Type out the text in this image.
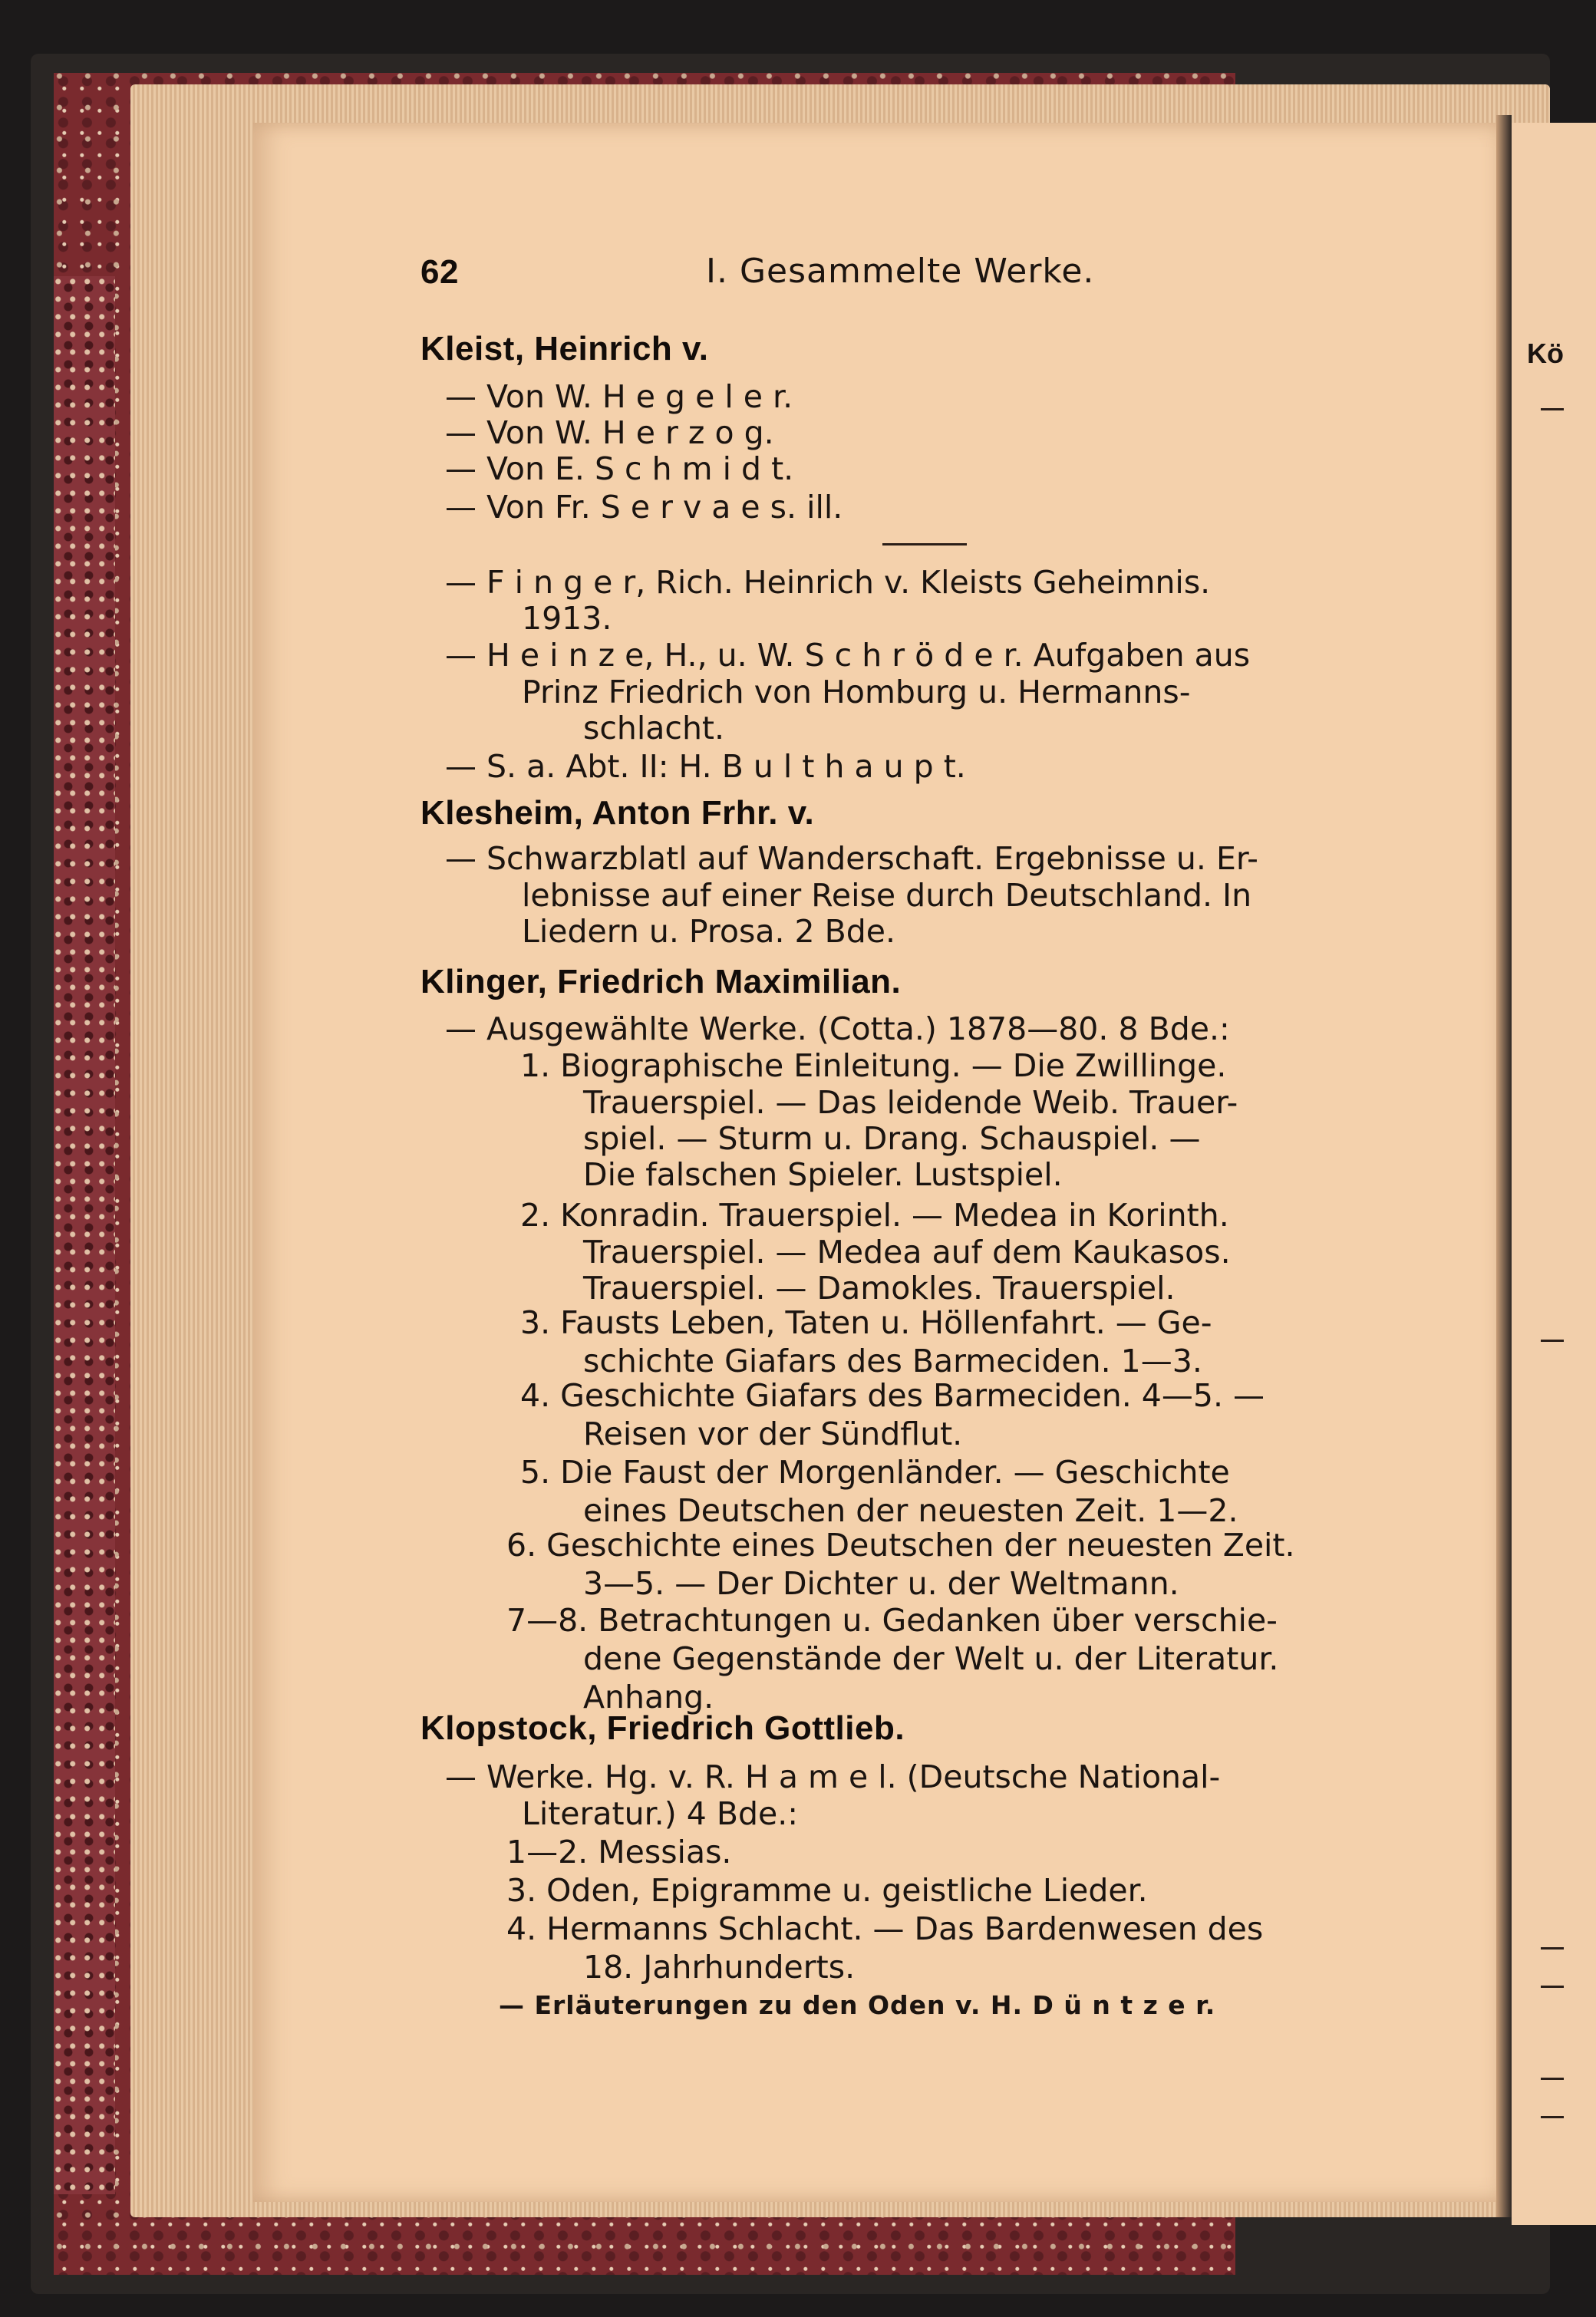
Kö
62	I. Gesammelte Werke.
Kleist, Heinrich v.
— Von W. H e g e l e r.
— Von W. H e r z o g.
— Von E. S c h m i d t.
— Von Fr. S e r v a e s. ill.
— F i n g e r, Rich. Heinrich v. Kleists Geheimnis.
1913.
— H e i n z e, H., u. W. S c h r ö d e r. Aufgaben aus
Prinz Friedrich von Homburg u. Hermanns-
schlacht.
— S. a. Abt. II: H. B u l t h a u p t.
Klesheim, Anton Frhr. v.
— Schwarzblatl auf Wanderschaft. Ergebnisse u. Er-
lebnisse auf einer Reise durch Deutschland. In
Liedern u. Prosa. 2 Bde.
Klinger, Friedrich Maximilian.
— Ausgewählte Werke. (Cotta.) 1878—80. 8 Bde.:
1. Biographische Einleitung. — Die Zwillinge.
Trauerspiel. — Das leidende Weib. Trauer-
spiel. — Sturm u. Drang. Schauspiel. —
Die falschen Spieler. Lustspiel.
2. Konradin. Trauerspiel. — Medea in Korinth.
Trauerspiel. — Medea auf dem Kaukasos.
Trauerspiel. — Damokles. Trauerspiel.
3. Fausts Leben, Taten u. Höllenfahrt. — Ge-
schichte Giafars des Barmeciden. 1—3.
4. Geschichte Giafars des Barmeciden. 4—5. —
Reisen vor der Sündflut.
5. Die Faust der Morgenländer. — Geschichte
eines Deutschen der neuesten Zeit. 1—2.
6. Geschichte eines Deutschen der neuesten Zeit.
3—5. — Der Dichter u. der Weltmann.
7—8. Betrachtungen u. Gedanken über verschie-
dene Gegenstände der Welt u. der Literatur.
Anhang.
Klopstock, Friedrich Gottlieb.
— Werke. Hg. v. R. H a m e l. (Deutsche National-
Literatur.) 4 Bde.:
1—2. Messias.
3. Oden, Epigramme u. geistliche Lieder.
4. Hermanns Schlacht. — Das Bardenwesen des
18. Jahrhunderts.
— Erläuterungen zu den Oden v. H. D ü n t z e r.
